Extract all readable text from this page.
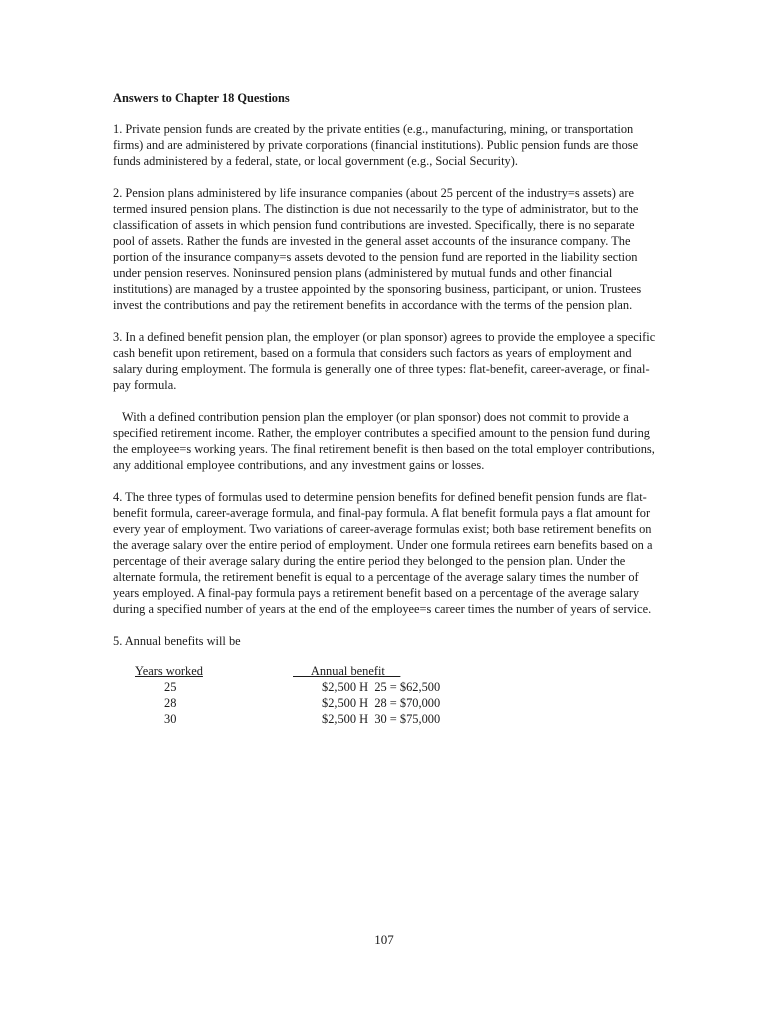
Answers to Chapter 18 Questions

1. Private pension funds are created by the private entities (e.g., manufacturing, mining, or transportation firms) and are administered by private corporations (financial institutions). Public pension funds are those funds administered by a federal, state, or local government (e.g., Social Security).

2. Pension plans administered by life insurance companies (about 25 percent of the industry=s assets) are termed insured pension plans. The distinction is due not necessarily to the type of administrator, but to the classification of assets in which pension fund contributions are invested. Specifically, there is no separate pool of assets. Rather the funds are invested in the general asset accounts of the insurance company. The portion of the insurance company=s assets devoted to the pension fund are reported in the liability section under pension reserves. Noninsured pension plans (administered by mutual funds and other financial institutions) are managed by a trustee appointed by the sponsoring business, participant, or union. Trustees invest the contributions and pay the retirement benefits in accordance with the terms of the pension plan.

3. In a defined benefit pension plan, the employer (or plan sponsor) agrees to provide the employee a specific cash benefit upon retirement, based on a formula that considers such factors as years of employment and salary during employment. The formula is generally one of three types: flat-benefit, career-average, or final-pay formula.

With a defined contribution pension plan the employer (or plan sponsor) does not commit to provide a specified retirement income. Rather, the employer contributes a specified amount to the pension fund during the employee=s working years. The final retirement benefit is then based on the total employer contributions, any additional employee contributions, and any investment gains or losses.

4. The three types of formulas used to determine pension benefits for defined benefit pension funds are flat-benefit formula, career-average formula, and final-pay formula. A flat benefit formula pays a flat amount for every year of employment. Two variations of career-average formulas exist; both base retirement benefits on the average salary over the entire period of employment. Under one formula retirees earn benefits based on a percentage of their average salary during the entire period they belonged to the pension plan. Under the alternate formula, the retirement benefit is equal to a percentage of the average salary times the number of years employed. A final-pay formula pays a retirement benefit based on a percentage of the average salary during a specified number of years at the end of the employee=s career times the number of years of service.

5. Annual benefits will be

Years worked	Annual benefit
25	$2,500 H  25 = $62,500
28	$2,500 H  28 = $70,000
30	$2,500 H  30 = $75,000
107
